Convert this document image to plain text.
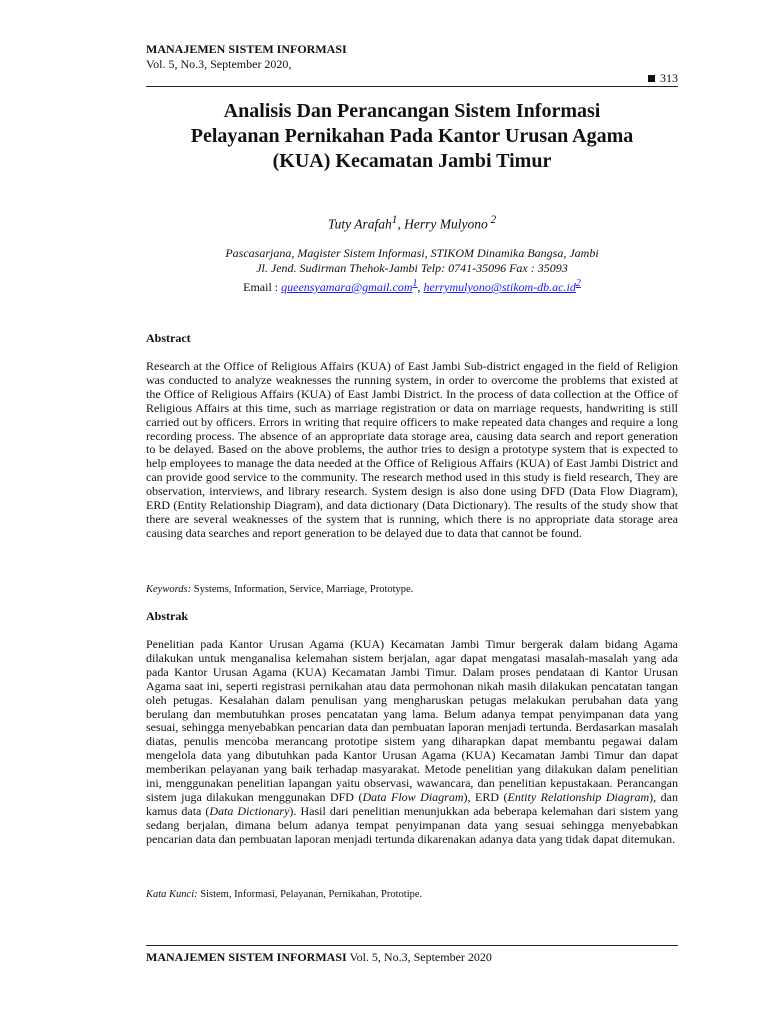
MANAJEMEN SISTEM INFORMASI
Vol. 5, No.3, September 2020,
313
Analisis Dan Perancangan Sistem Informasi
Pelayanan Pernikahan Pada Kantor Urusan Agama
(KUA) Kecamatan Jambi Timur
Tuty Arafah$^1$, Herry Mulyono $^2$
Pascasarjana, Magister Sistem Informasi, STIKOM Dinamika Bangsa, Jambi
Jl. Jend. Sudirman Thehok-Jambi Telp: 0741-35096 Fax : 35093
Email : queensyamara@gmail.com$^1$, $herrymulyono@stikom-db.ac.id^2$
Abstract
Research at the Office of Religious Affairs (KUA) of East Jambi Sub-district engaged in the field of Religion was conducted to analyze weaknesses the running system, in order to overcome the problems that existed at the Office of Religious Affairs (KUA) of East Jambi District. In the process of data collection at the Office of Religious Affairs at this time, such as marriage registration or data on marriage requests, handwriting is still carried out by officers. Errors in writing that require officers to make repeated data changes and require a long recording process. The absence of an appropriate data storage area, causing data search and report generation to be delayed. Based on the above problems, the author tries to design a prototype system that is expected to help employees to manage the data needed at the Office of Religious Affairs (KUA) of East Jambi District and can provide good service to the community. The research method used in this study is field research, They are observation, interviews, and library research. System design is also done using DFD (Data Flow Diagram), ERD (Entity Relationship Diagram), and data dictionary (Data Dictionary). The results of the study show that there are several weaknesses of the system that is running, which there is no appropriate data storage area causing data searches and report generation to be delayed due to data that cannot be found.
Keywords: Systems, Information, Service, Marriage, Prototype.
Abstrak
Penelitian pada Kantor Urusan Agama (KUA) Kecamatan Jambi Timur bergerak dalam bidang Agama dilakukan untuk menganalisa kelemahan sistem berjalan, agar dapat mengatasi masalah-masalah yang ada pada Kantor Urusan Agama (KUA) Kecamatan Jambi Timur. Dalam proses pendataan di Kantor Urusan Agama saat ini, seperti registrasi pernikahan atau data permohonan nikah masih dilakukan pencatatan tangan oleh petugas. Kesalahan dalam penulisan yang mengharuskan petugas melakukan perubahan data yang berulang dan membutuhkan proses pencatatan yang lama. Belum adanya tempat penyimpanan data yang sesuai, sehingga menyebabkan pencarian data dan pembuatan laporan menjadi tertunda. Berdasarkan masalah diatas, penulis mencoba merancang prototipe sistem yang diharapkan dapat membantu pegawai dalam mengelola data yang dibutuhkan pada Kantor Urusan Agama (KUA) Kecamatan Jambi Timur dan dapat memberikan pelayanan yang baik terhadap masyarakat. Metode penelitian yang dilakukan dalam penelitian ini, menggunakan penelitian lapangan yaitu observasi, wawancara, dan penelitian kepustakaan. Perancangan sistem juga dilakukan menggunakan DFD (Data Flow Diagram), ERD (Entity Relationship Diagram), dan kamus data (Data Dictionary). Hasil dari penelitian menunjukkan ada beberapa kelemahan dari sistem yang sedang berjalan, dimana belum adanya tempat penyimpanan data yang sesuai sehingga menyebabkan pencarian data dan pembuatan laporan menjadi tertunda dikarenakan adanya data yang tidak dapat ditemukan.
Kata Kunci: Sistem, Informasi, Pelayanan, Pernikahan, Prototipe.
MANAJEMEN SISTEM INFORMASI Vol. 5, No.3, September 2020
